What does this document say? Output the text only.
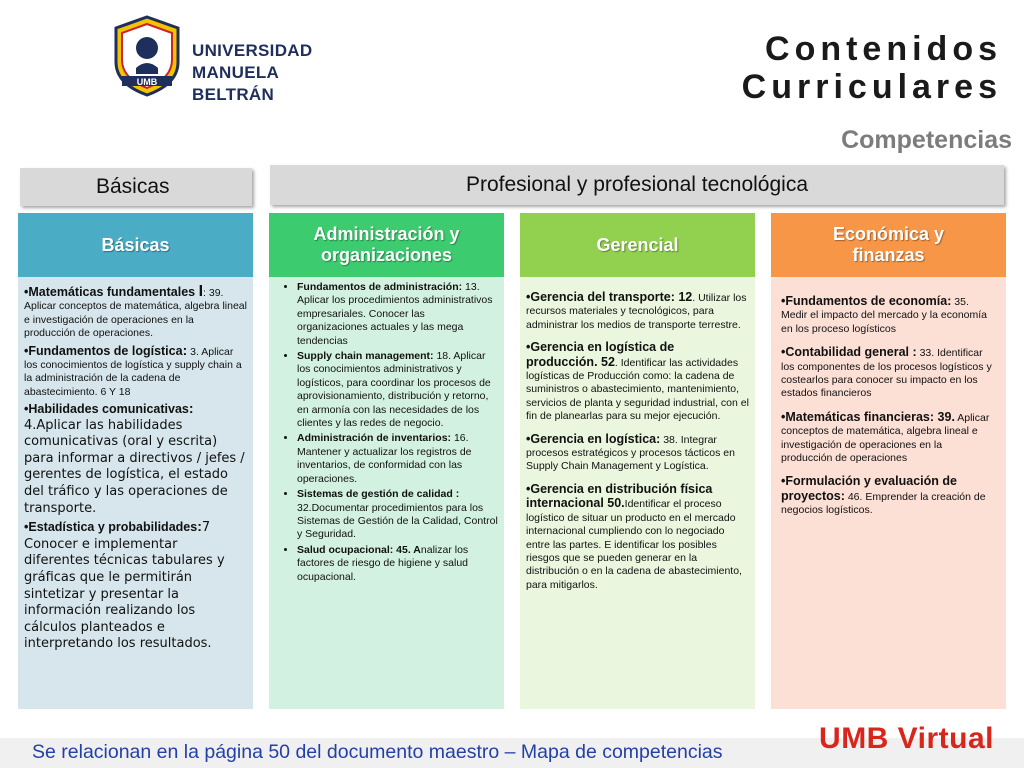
UMB
UNIVERSIDAD
MANUELA BELTRÁN
Contenidos
Curriculares
Competencias
Básicas	Profesional y profesional tecnológica
Básicas
Administración y organizaciones
Gerencial
Económica y finanzas
•Matemáticas fundamentales I: 39. Aplicar conceptos de matemática, algebra lineal e investigación de operaciones en la producción de operaciones.
•Fundamentos de logística: 3. Aplicar los conocimientos de logística y supply chain a la administración de la cadena de abastecimiento. 6 Y 18
•Habilidades comunicativas:
4.Aplicar las habilidades comunicativas (oral y escrita) para informar a directivos / jefes / gerentes de logística, el estado del tráfico y las operaciones de transporte.
•Estadística y probabilidades:7 Conocer e implementar diferentes técnicas tabulares y gráficas que le permitirán sintetizar y presentar la información realizando los cálculos planteados e interpretando los resultados.
• Fundamentos de administración: 13. Aplicar los procedimientos administrativos empresariales. Conocer las organizaciones actuales y las mega tendencias
• Supply chain management: 18. Aplicar los conocimientos administrativos y logísticos, para coordinar los procesos de aprovisionamiento, distribución y retorno, en armonía con las necesidades de los clientes y las redes de negocio.
• Administración de inventarios: 16. Mantener y actualizar los registros de inventarios, de conformidad con las operaciones.
• Sistemas de gestión de calidad : 32.Documentar procedimientos para los Sistemas de Gestión de la Calidad, Control y Seguridad.
• Salud ocupacional: 45. Analizar los factores de riesgo de higiene y salud ocupacional.
•Gerencia del transporte: 12. Utilizar los recursos materiales y tecnológicos, para administrar los medios de transporte terrestre.
•Gerencia en logística de producción. 52. Identificar las actividades logísticas de Producción como: la cadena de suministros o abastecimiento, mantenimiento, servicios de planta y seguridad industrial, con el fin de planearlas para su mejor ejecución.
•Gerencia en logística: 38. Integrar procesos estratégicos y procesos tácticos en Supply Chain Management y Logística.
•Gerencia en distribución física internacional 50.Identificar el proceso logístico de situar un producto en el mercado internacional cumpliendo con lo negociado entre las partes. E identificar los posibles riesgos que se pueden generar en la distribución o en la cadena de abastecimiento, para mitigarlos.
•Fundamentos de economía: 35. Medir el impacto del mercado y la economía en los proceso logísticos
•Contabilidad general : 33. Identificar los componentes de los procesos logísticos y costearlos para conocer su impacto en los estados financieros
•Matemáticas financieras: 39. Aplicar conceptos de matemática, algebra lineal e investigación de operaciones en la producción de operaciones
•Formulación y evaluación de proyectos: 46. Emprender la creación de negocios logísticos.
Se relacionan en la página 50 del documento maestro – Mapa de competencias	UMB Virtual
